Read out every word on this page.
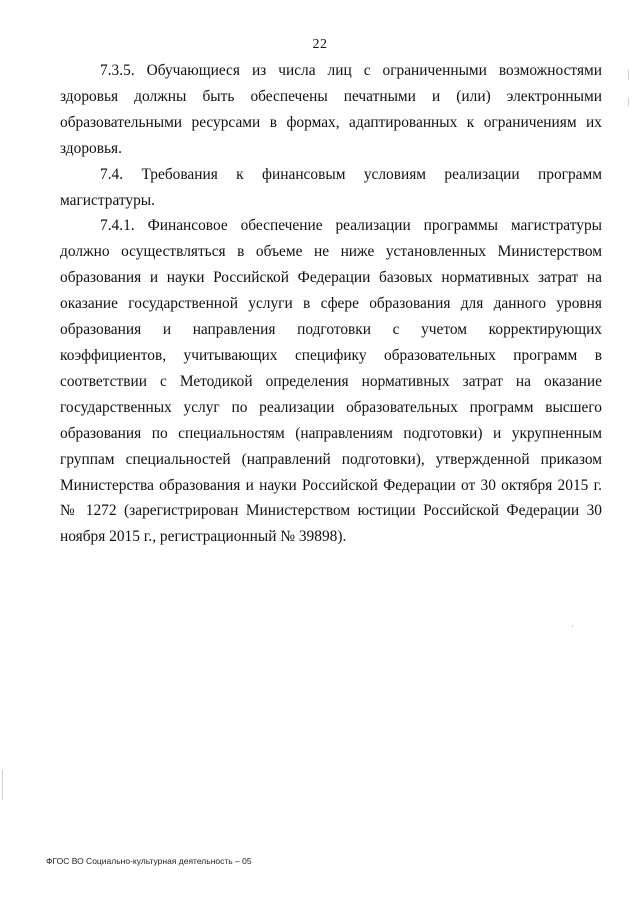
22

7.3.5. Обучающиеся из числа лиц с ограниченными возможностями здоровья должны быть обеспечены печатными и (или) электронными образовательными ресурсами в формах, адаптированных к ограничениям их здоровья.

7.4. Требования к финансовым условиям реализации программ магистратуры.

7.4.1. Финансовое обеспечение реализации программы магистратуры должно осуществляться в объеме не ниже установленных Министерством образования и науки Российской Федерации базовых нормативных затрат на оказание государственной услуги в сфере образования для данного уровня образования и направления подготовки с учетом корректирующих коэффициентов, учитывающих специфику образовательных программ в соответствии с Методикой определения нормативных затрат на оказание государственных услуг по реализации образовательных программ высшего образования по специальностям (направлениям подготовки) и укрупненным группам специальностей (направлений подготовки), утвержденной приказом Министерства образования и науки Российской Федерации от 30 октября 2015 г. № 1272 (зарегистрирован Министерством юстиции Российской Федерации 30 ноября 2015 г., регистрационный № 39898).

ФГОС ВО Социально-культурная деятельность – 05
